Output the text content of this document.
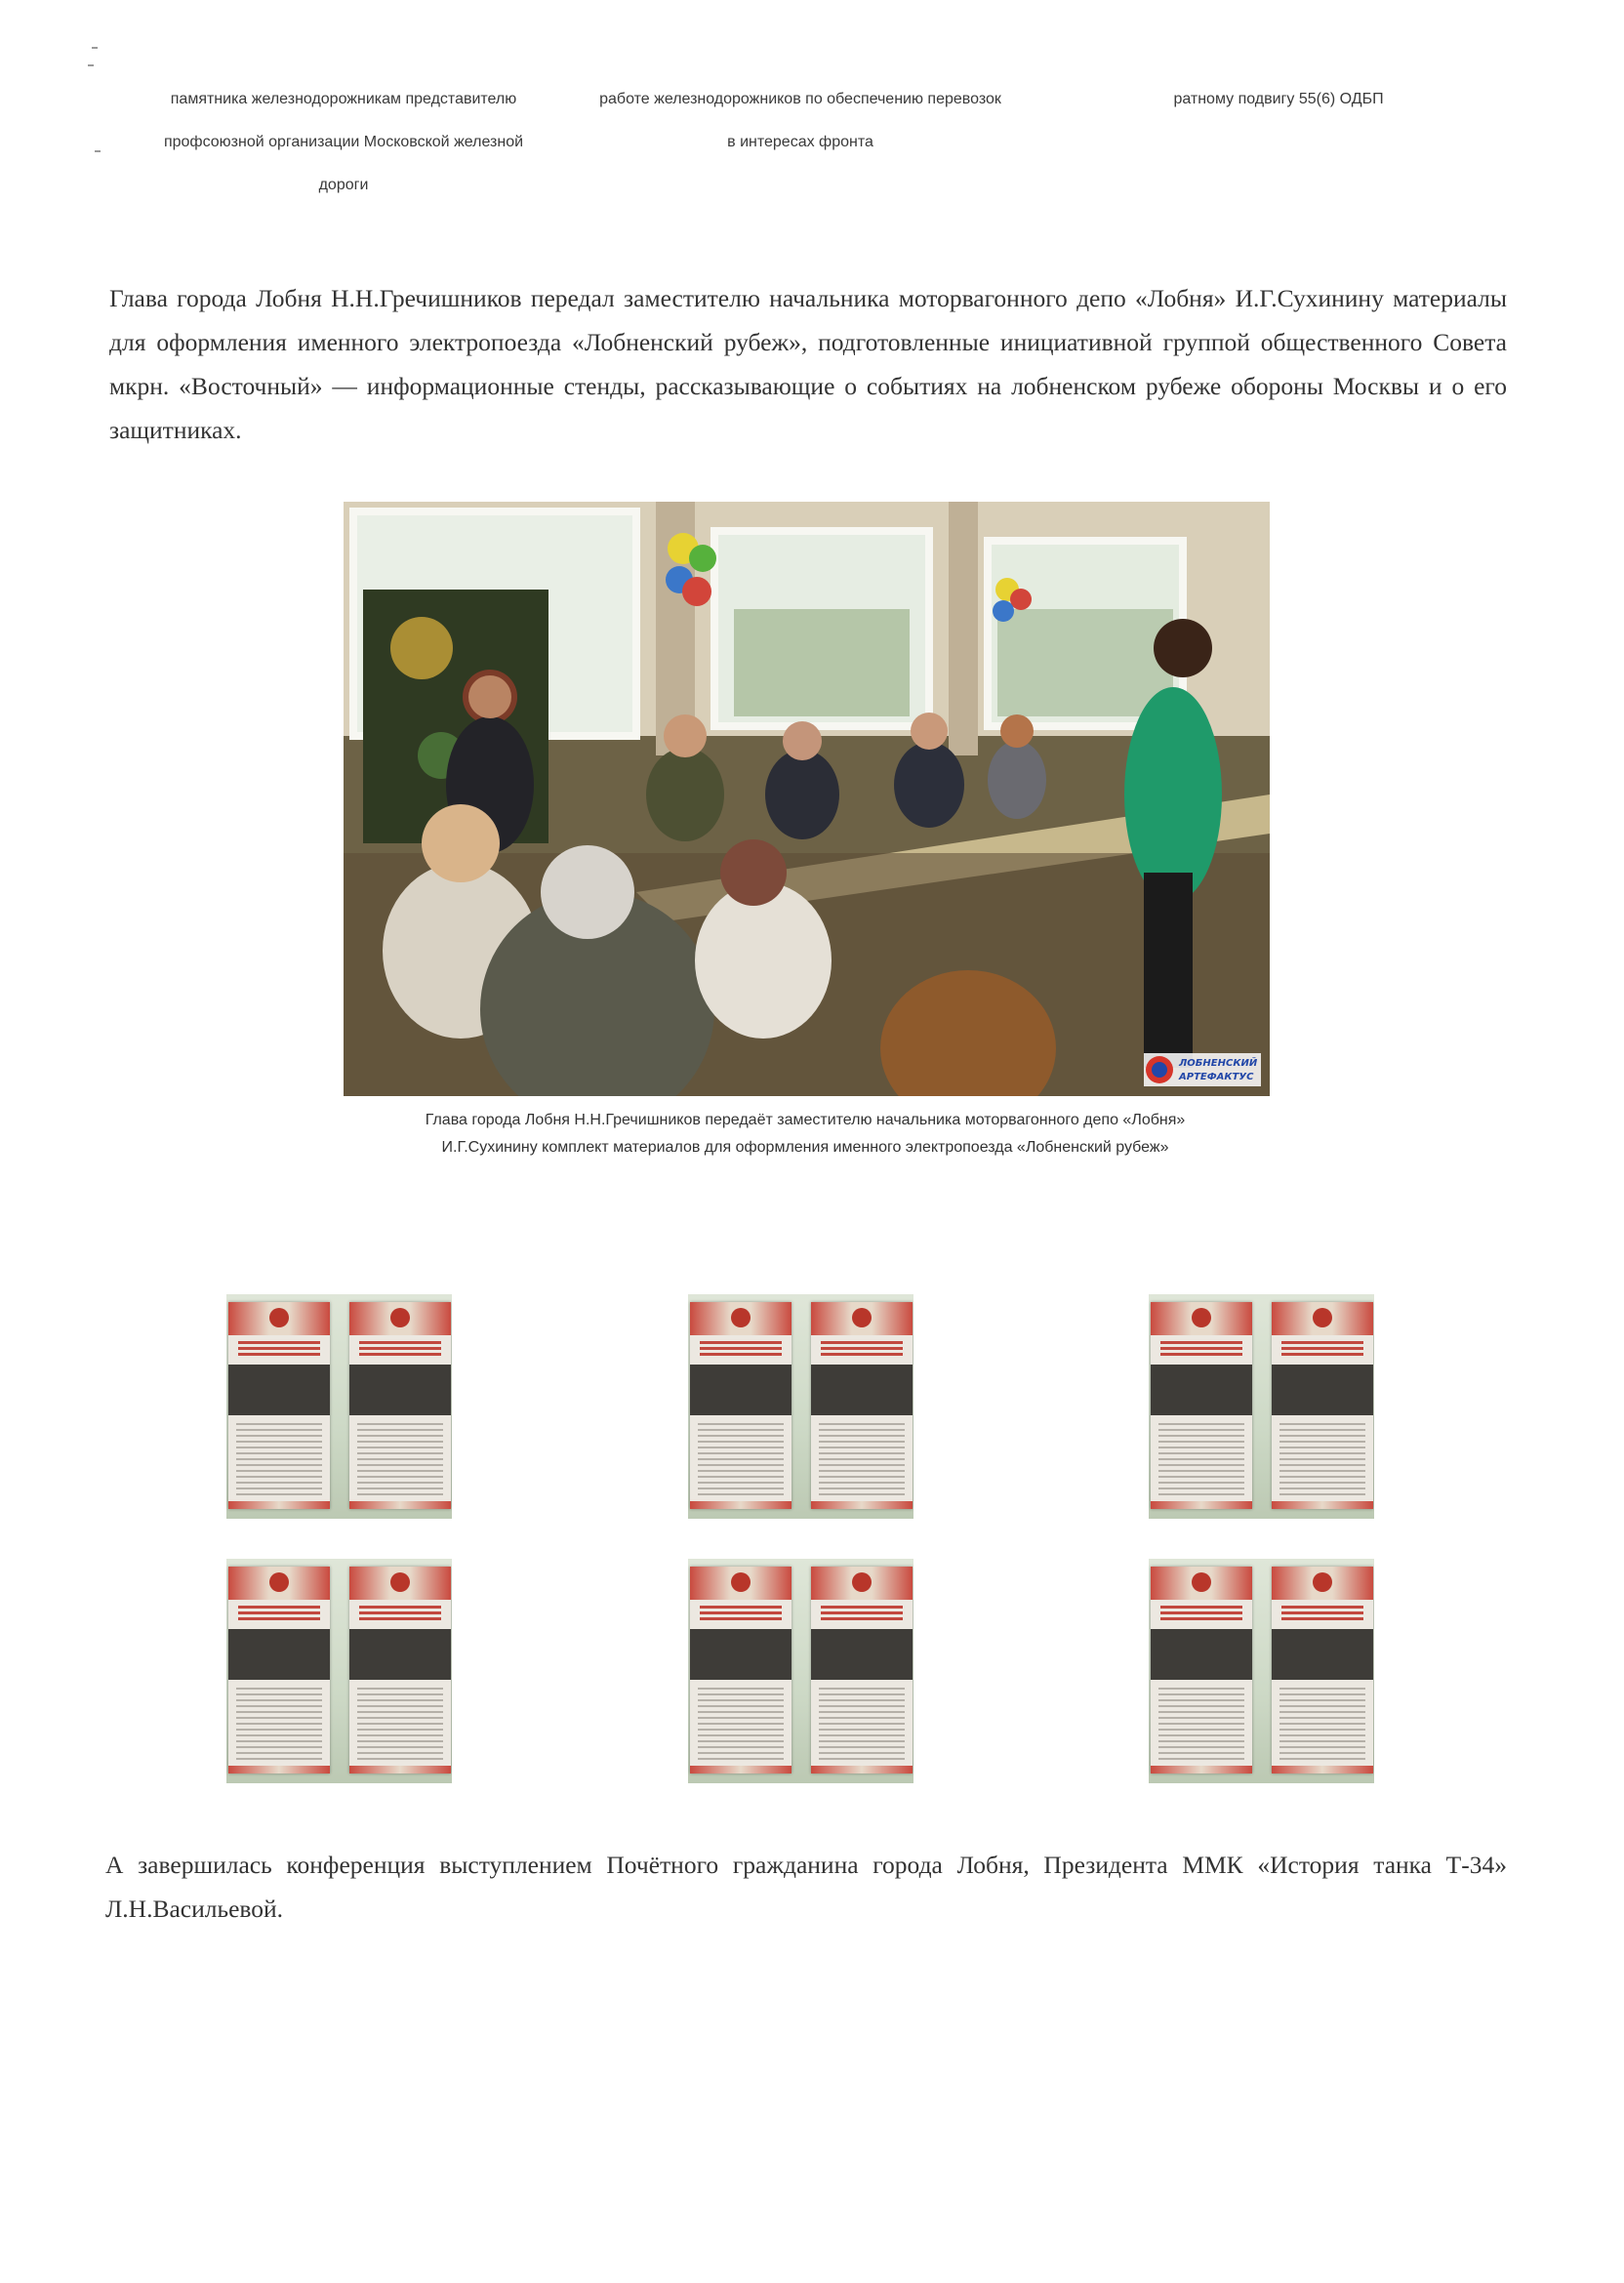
памятника железнодорожникам представителю
профсоюзной организации Московской железной
дороги
работе железнодорожников по обеспечению перевозок
в интересах фронта
ратному подвигу 55(6) ОДБП

Глава города Лобня Н.Н.Гречишников передал заместителю начальника моторвагонного депо «Лобня» И.Г.Сухинину материалы для оформления именного электропоезда «Лобненский рубеж», подготовленные инициативной группой общественного Совета мкрн. «Восточный» — информационные стенды, рассказывающие о событиях на лобненском рубеже обороны Москвы и о его защитниках.

ЛОБНЕНСКИЙ
АРТЕФАКТУС
Глава города Лобня Н.Н.Гречишников передаёт заместителю начальника моторвагонного депо «Лобня»
И.Г.Сухинину комплект материалов для оформления именного электропоезда «Лобненский рубеж»

А завершилась конференция выступлением Почётного гражданина города Лобня, Президента ММК «История танка Т-34» Л.Н.Васильевой.
